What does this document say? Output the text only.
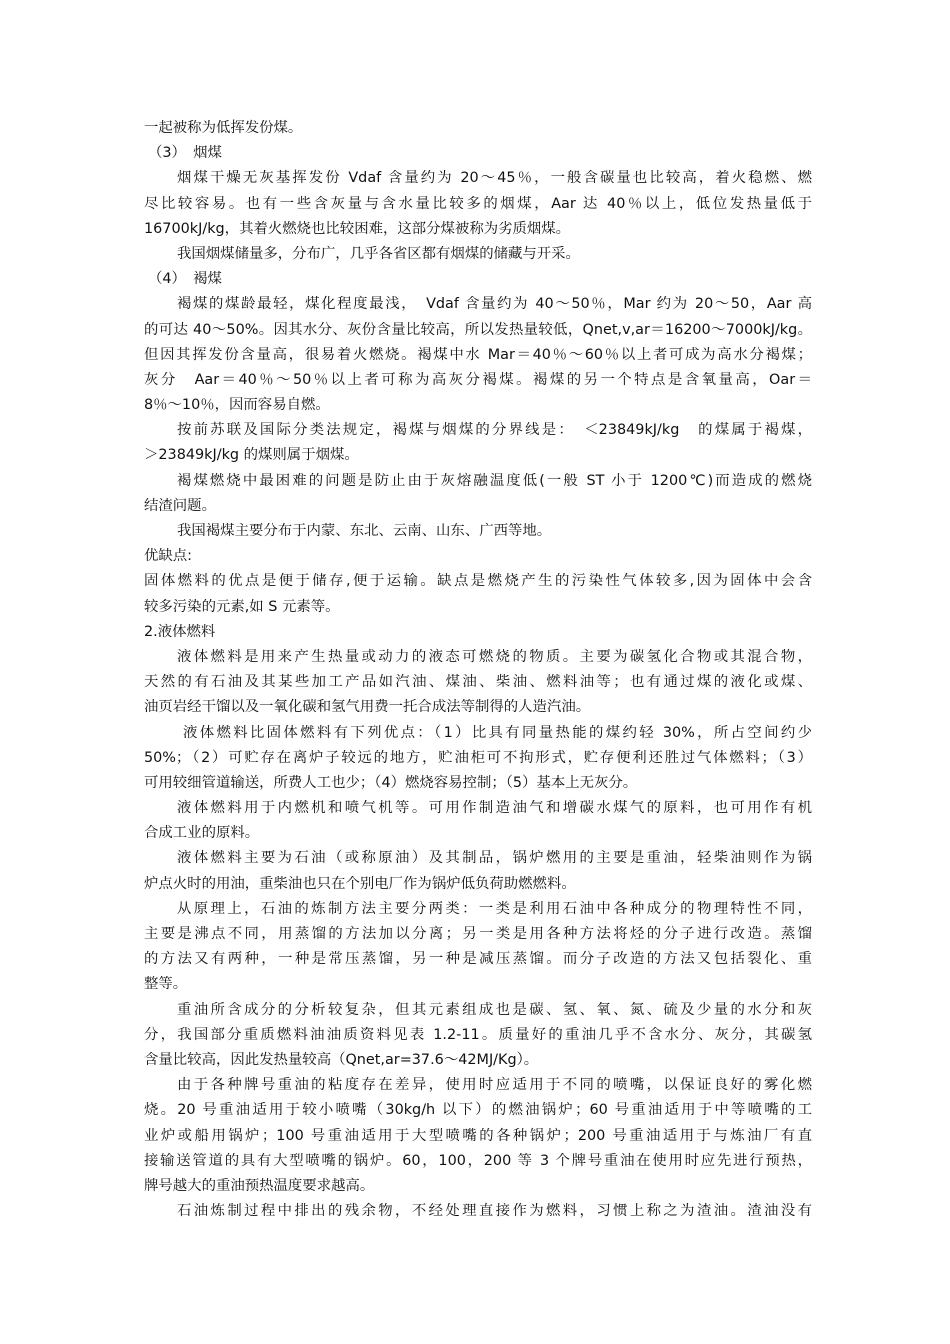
一起被称为低挥发份煤。
（3）　烟煤
烟煤干燥无灰基挥发份 Vdaf 含量约为 20～45％，一般含碳量也比较高，着火稳燃、燃
尽比较容易。也有一些含灰量与含水量比较多的烟煤，Aar 达 40％以上，低位发热量低于
16700kJ/kg，其着火燃烧也比较困难，这部分煤被称为劣质烟煤。
我国烟煤储量多，分布广，几乎各省区都有烟煤的储藏与开采。
（4）　褐煤
褐煤的煤龄最轻，煤化程度最浅，　Vdaf 含量约为 40～50％，Mar 约为 20～50，Aar 高
的可达 40～50%。因其水分、灰份含量比较高，所以发热量较低，Qnet,v,ar＝16200～7000kJ/kg。
但因其挥发份含量高，很易着火燃烧。褐煤中水 Mar＝40％～60％以上者可成为高水分褐煤；
灰分　Aar＝40％～50％以上者可称为高灰分褐煤。褐煤的另一个特点是含氧量高，Oar＝
8％～10％，因而容易自燃。
按前苏联及国际分类法规定，褐煤与烟煤的分界线是：　＜23849kJ/kg　的煤属于褐煤，
＞23849kJ/kg 的煤则属于烟煤。
褐煤燃烧中最困难的问题是防止由于灰熔融温度低(一般 ST 小于 1200℃)而造成的燃烧
结渣问题。
我国褐煤主要分布于内蒙、东北、云南、山东、广西等地。
优缺点:
固体燃料的优点是便于储存,便于运输。缺点是燃烧产生的污染性气体较多,因为固体中会含
较多污染的元素,如 S 元素等。
2.液体燃料
液体燃料是用来产生热量或动力的液态可燃烧的物质。主要为碳氢化合物或其混合物，
天然的有石油及其某些加工产品如汽油、煤油、柴油、燃料油等；也有通过煤的液化或煤、
油页岩经干馏以及一氧化碳和氢气用费一托合成法等制得的人造汽油。
液体燃料比固体燃料有下列优点：（1）比具有同量热能的煤约轻 30%，所占空间约少
50%；（2）可贮存在离炉子较远的地方，贮油柜可不拘形式，贮存便利还胜过气体燃料；（3）
可用较细管道输送，所费人工也少；（4）燃烧容易控制；（5）基本上无灰分。
液体燃料用于内燃机和喷气机等。可用作制造油气和增碳水煤气的原料，也可用作有机
合成工业的原料。
液体燃料主要为石油（或称原油）及其制品，锅炉燃用的主要是重油，轻柴油则作为锅
炉点火时的用油，重柴油也只在个别电厂作为锅炉低负荷助燃燃料。
从原理上，石油的炼制方法主要分两类：一类是利用石油中各种成分的物理特性不同，
主要是沸点不同，用蒸馏的方法加以分离；另一类是用各种方法将烃的分子进行改造。蒸馏
的方法又有两种，一种是常压蒸馏，另一种是减压蒸馏。而分子改造的方法又包括裂化、重
整等。
重油所含成分的分析较复杂，但其元素组成也是碳、氢、氧、氮、硫及少量的水分和灰
分，我国部分重质燃料油油质资料见表 1.2-11。质量好的重油几乎不含水分、灰分，其碳氢
含量比较高，因此发热量较高（Qnet,ar=37.6～42MJ/Kg）。
由于各种牌号重油的粘度存在差异，使用时应适用于不同的喷嘴，以保证良好的雾化燃
烧。20 号重油适用于较小喷嘴（30kg/h 以下）的燃油锅炉；60 号重油适用于中等喷嘴的工
业炉或船用锅炉；100 号重油适用于大型喷嘴的各种锅炉；200 号重油适用于与炼油厂有直
接输送管道的具有大型喷嘴的锅炉。60，100，200 等 3 个牌号重油在使用时应先进行预热，
牌号越大的重油预热温度要求越高。
石油炼制过程中排出的残余物，不经处理直接作为燃料，习惯上称之为渣油。渣油没有
